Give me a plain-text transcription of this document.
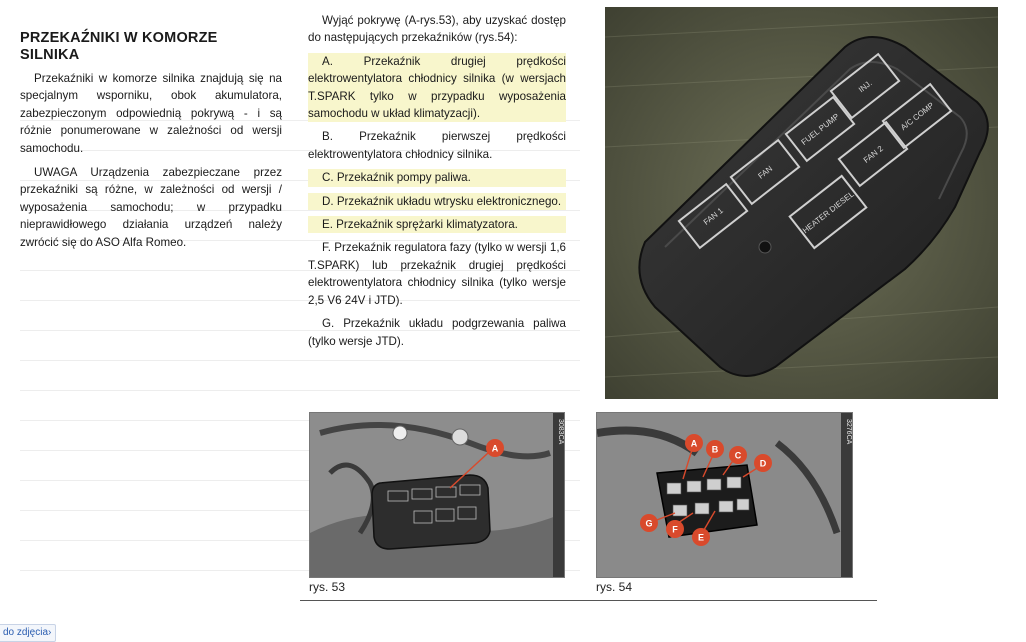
PRZEKAŹNIKI W KOMORZE
SILNIKA

Przekaźniki w komorze silnika znajdują się na specjalnym wsporniku, obok akumulatora, zabezpieczonym odpowiednią pokrywą - i są różnie ponumerowane w zależności od wersji samochodu.

UWAGA Urządzenia zabezpieczane przez przekaźniki są różne, w zależności od wersji / wyposażenia samochodu; w przypadku nieprawidłowego działania urządzeń należy zwrócić się do ASO Alfa Romeo.

Wyjąć pokrywę (A-rys.53), aby uzyskać dostęp do następujących przekaźników (rys.54):

A. Przekaźnik drugiej prędkości elektrowentylatora chłodnicy silnika (w wersjach T.SPARK tylko w przypadku wyposażenia samochodu w układ klimatyzacji).

B. Przekaźnik pierwszej prędkości elektrowentylatora chłodnicy silnika.

C. Przekaźnik pompy paliwa.

D. Przekaźnik układu wtrysku elektronicznego.

E. Przekaźnik sprężarki klimatyzatora.

F. Przekaźnik regulatora fazy (tylko w wersji 1,6 T.SPARK) lub przekaźnik drugiej prędkości elektrowentylatora chłodnicy silnika (tylko wersje 2,5 V6 24V i JTD).

G. Przekaźnik układu podgrzewania paliwa (tylko wersje JTD).

FAN 1
FAN
FUEL PUMP
INJ.
HEATER DIESEL
FAN 2
A/C COMP
A
3083CA
rys. 53
A
B
C
D
E
F
G
3276CA
rys. 54
do zdjęcia›
